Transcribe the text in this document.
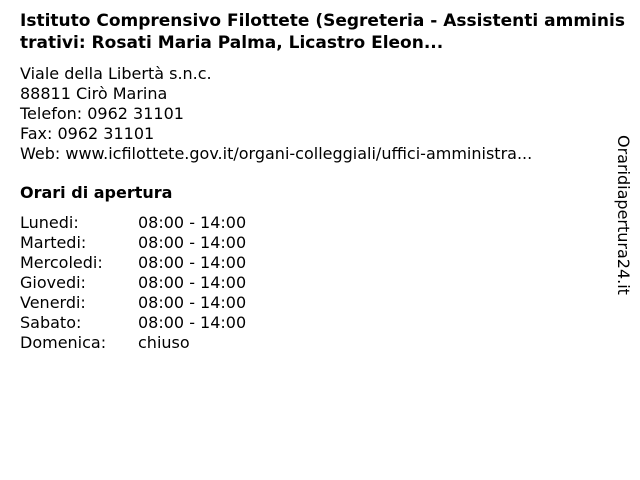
Istituto Comprensivo Filottete (Segreteria - Assistenti amministrativi: Rosati Maria Palma, Licastro Eleon...
Viale della Libertà s.n.c.
88811 Cirò Marina
Telefon: 0962 31101
Fax: 0962 31101
Web: www.icfilottete.gov.it/organi-colleggiali/uffici-amministra...
Orari di apertura
Lunedi:	08:00 - 14:00
Martedi:	08:00 - 14:00
Mercoledi: 08:00 - 14:00
Giovedi:	08:00 - 14:00
Venerdi:	08:00 - 14:00
Sabato:	08:00 - 14:00
Domenica: chiuso
Oraridiapertura24.it
